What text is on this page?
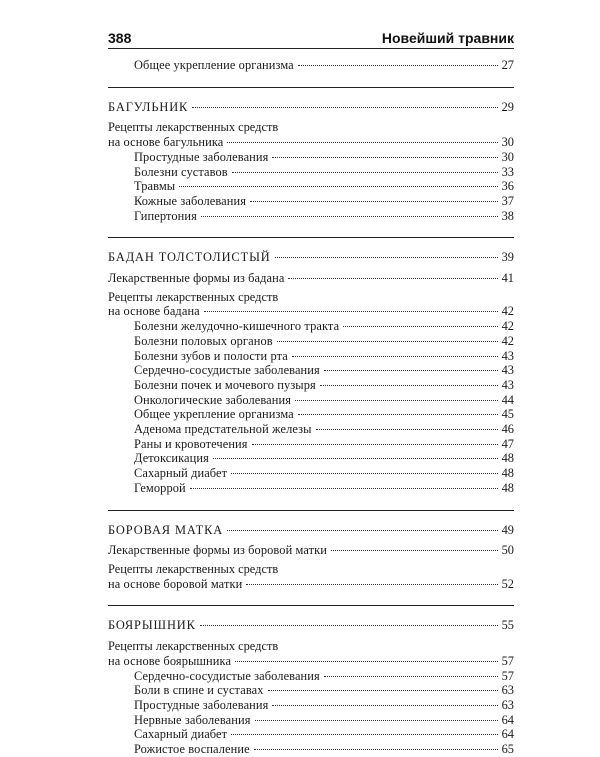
388	Новейший травник
Общее укрепление организма	27
БАГУЛЬНИК	29
Рецепты лекарственных средств
на основе багульника	30
Простудные заболевания	30
Болезни суставов	33
Травмы	36
Кожные заболевания	37
Гипертония	38
БАДАН ТОЛСТОЛИСТЫЙ	39
Лекарственные формы из бадана	41
Рецепты лекарственных средств
на основе бадана	42
Болезни желудочно-кишечного тракта	42
Болезни половых органов	42
Болезни зубов и полости рта	43
Сердечно-сосудистые заболевания	43
Болезни почек и мочевого пузыря	43
Онкологические заболевания	44
Общее укрепление организма	45
Аденома предстательной железы	46
Раны и кровотечения	47
Детоксикация	48
Сахарный диабет	48
Геморрой	48
БОРОВАЯ МАТКА	49
Лекарственные формы из боровой матки	50
Рецепты лекарственных средств
на основе боровой матки	52
БОЯРЫШНИК	55
Рецепты лекарственных средств
на основе боярышника	57
Сердечно-сосудистые заболевания	57
Боли в спине и суставах	63
Простудные заболевания	63
Нервные заболевания	64
Сахарный диабет	64
Рожистое воспаление	65
